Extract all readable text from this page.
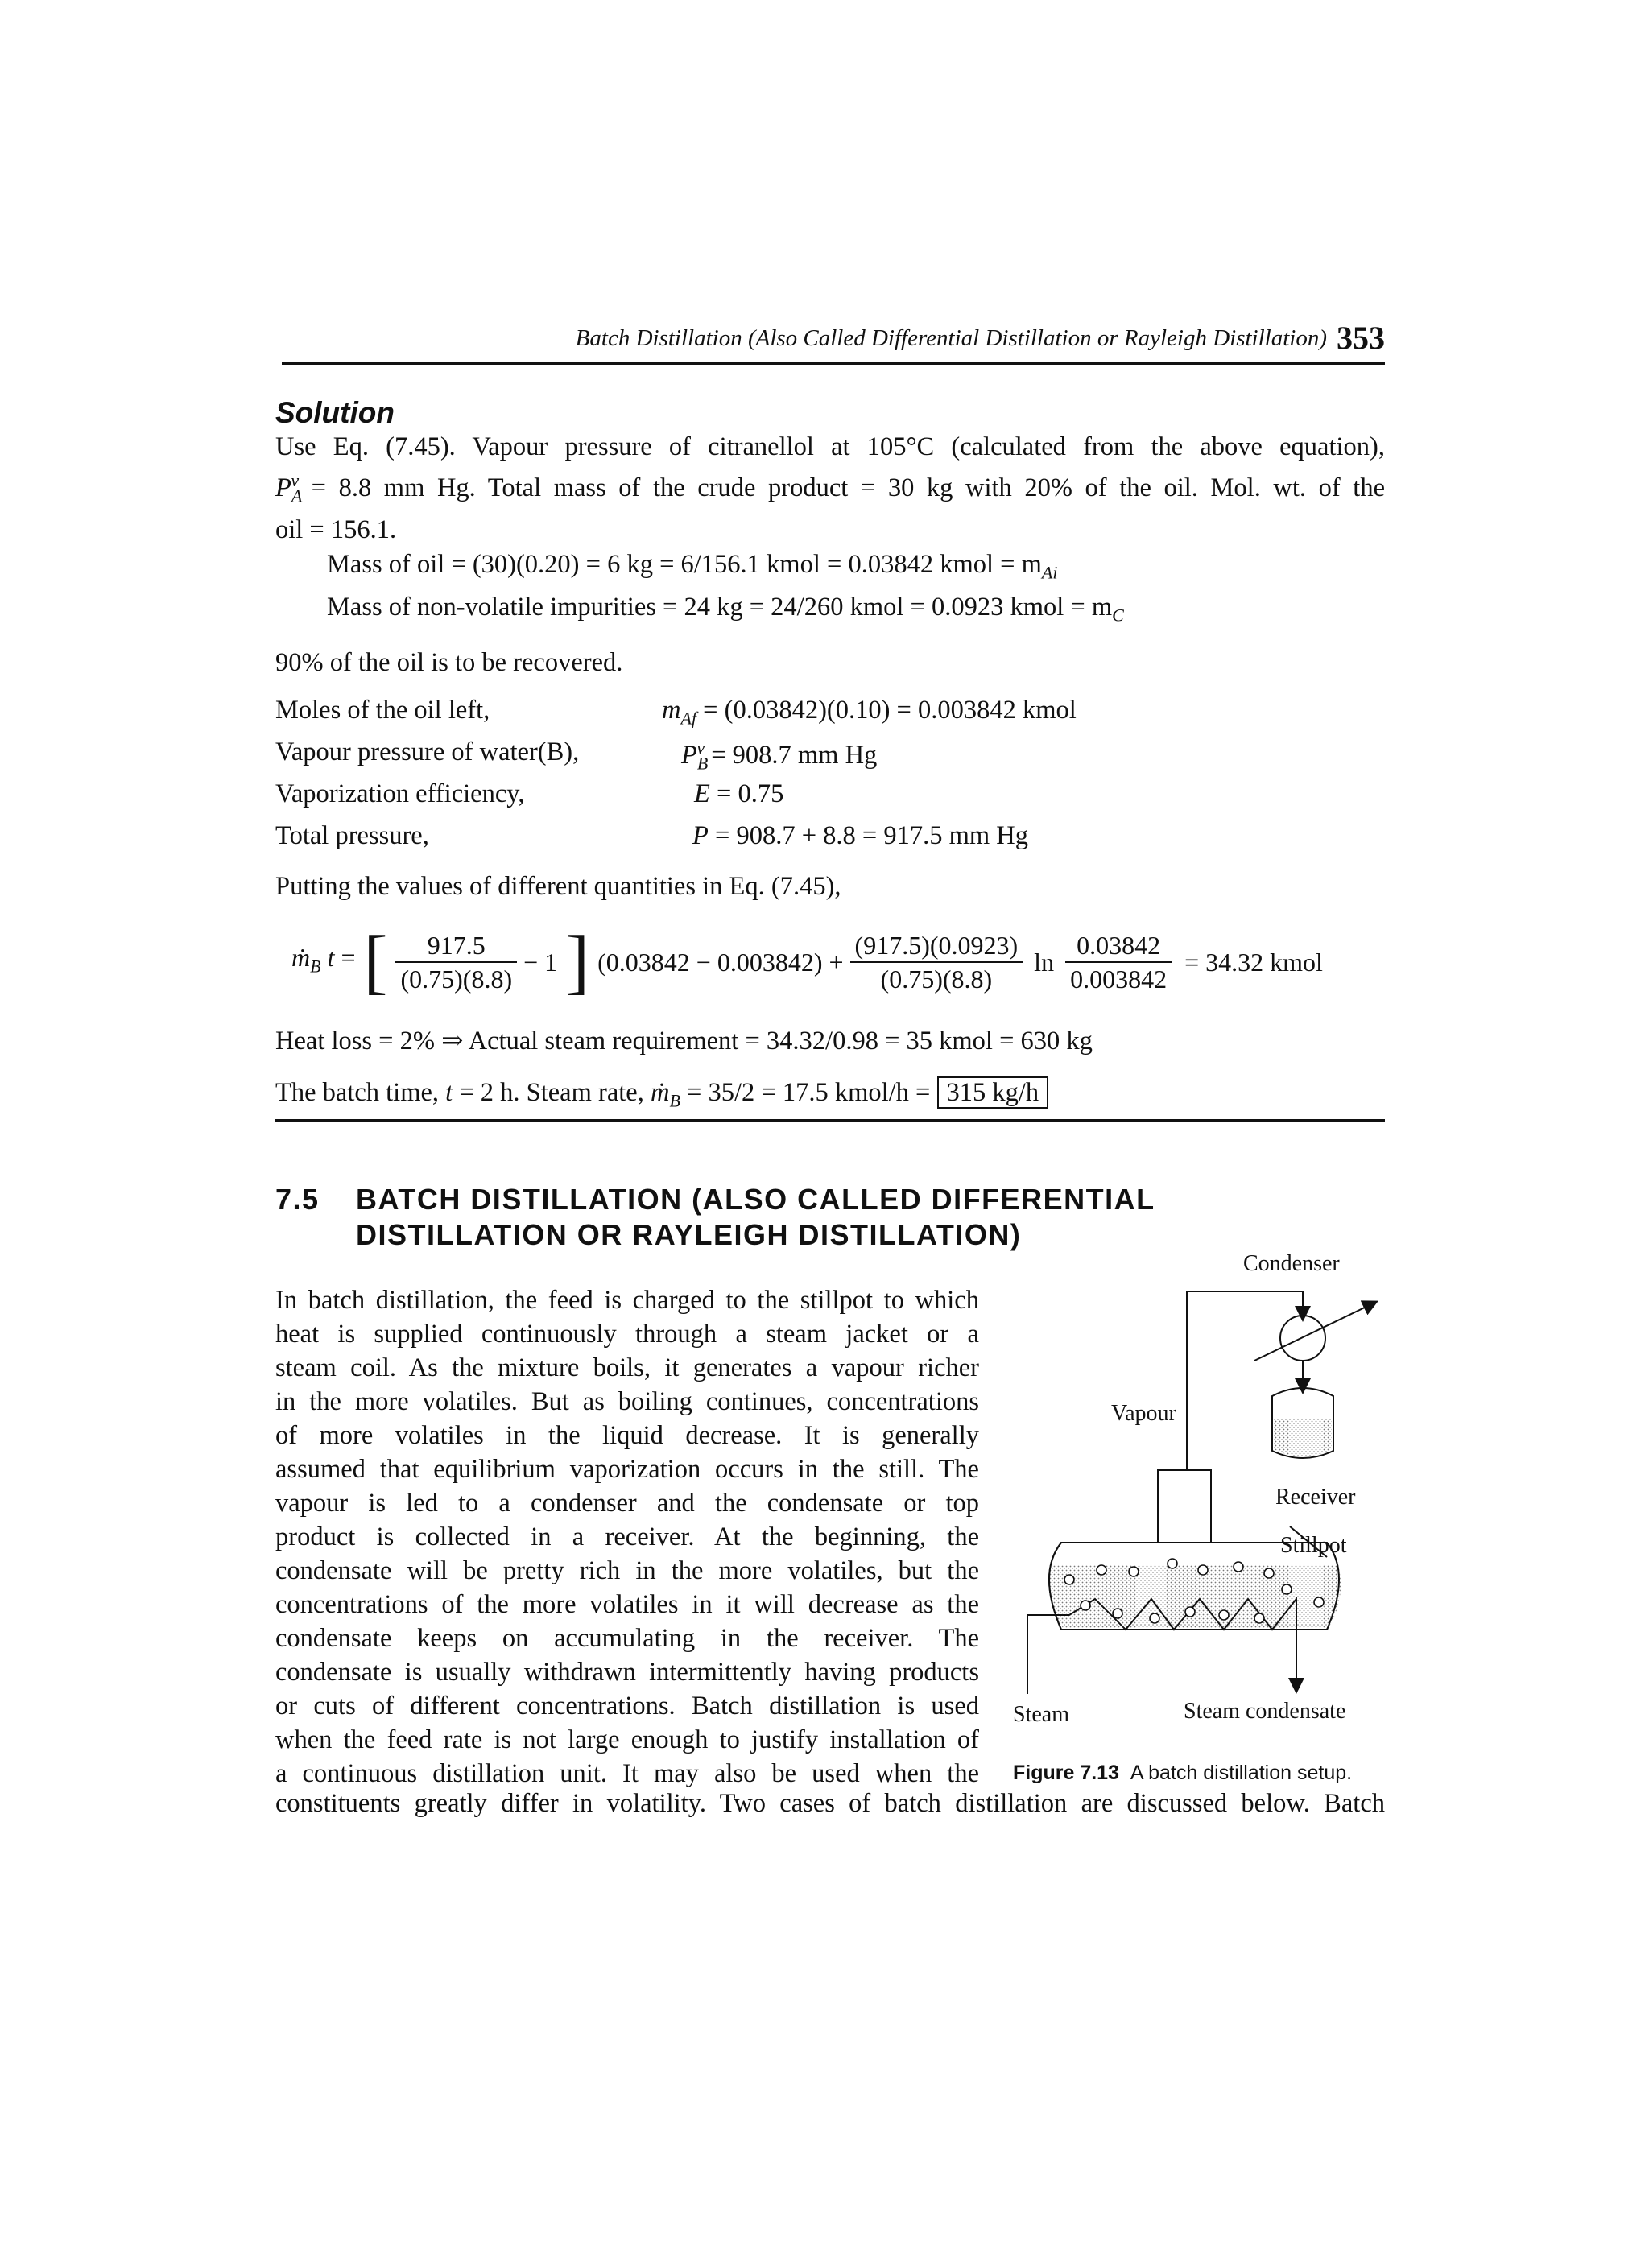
Batch Distillation (Also Called Differential Distillation or Rayleigh Distillation) 353
Solution
Use Eq. (7.45). Vapour pressure of citranellol at 105°C (calculated from the above equation),
$P_A^v = 8.8$ mm Hg. Total mass of the crude product = 30 kg with 20% of the oil. Mol. wt. of the
oil = 156.1.
Mass of oil = (30)(0.20) = 6 kg = 6/156.1 kmol = 0.03842 kmol = $m_{Ai}$
Mass of non-volatile impurities = 24 kg = 24/260 kmol = 0.0923 kmol = $m_C$
90% of the oil is to be recovered.
Moles of the oil left,	$m_{Af} = (0.03842)(0.10) = 0.003842$ kmol
Vapour pressure of water(B),	$P_B^v = 908.7$ mm Hg
Vaporization efficiency,	E = 0.75
Total pressure,	P = 908.7 + 8.8 = 917.5 mm Hg
Putting the values of different quantities in Eq. (7.45),
ṁ$_B$ t = [ $\frac{917.5}{(0.75)(8.8)} - 1$ ] $(0.03842 - 0.003842) + \frac{(917.5)(0.0923)}{(0.75)(8.8)}$ $\ln \frac{0.03842}{0.003842} = 34.32$ kmol
Heat loss = 2% ⇒ Actual steam requirement = 34.32/0.98 = 35 kmol = 630 kg
The batch time, t = 2 h. Steam rate, ṁ$_B$ = 35/2 = 17.5 kmol/h = 315 kg/h
7.5 BATCH DISTILLATION (ALSO CALLED DIFFERENTIAL
DISTILLATION OR RAYLEIGH DISTILLATION)
In batch distillation, the feed is charged to the stillpot to which
heat is supplied continuously through a steam jacket or a
steam coil. As the mixture boils, it generates a vapour richer
in the more volatiles. But as boiling continues, concentrations
of more volatiles in the liquid decrease. It is generally
assumed that equilibrium vaporization occurs in the still. The
vapour is led to a condenser and the condensate or top
product is collected in a receiver. At the beginning, the
condensate will be pretty rich in the more volatiles, but the
concentrations of the more volatiles in it will decrease as the
condensate keeps on accumulating in the receiver. The
condensate is usually withdrawn intermittently having products
or cuts of different concentrations. Batch distillation is used
when the feed rate is not large enough to justify installation of
a continuous distillation unit. It may also be used when the
constituents greatly differ in volatility. Two cases of batch distillation are discussed below. Batch
Condenser
Vapour
Receiver
Stillpot
Steam	Steam condensate
Figure 7.13 A batch distillation setup.
